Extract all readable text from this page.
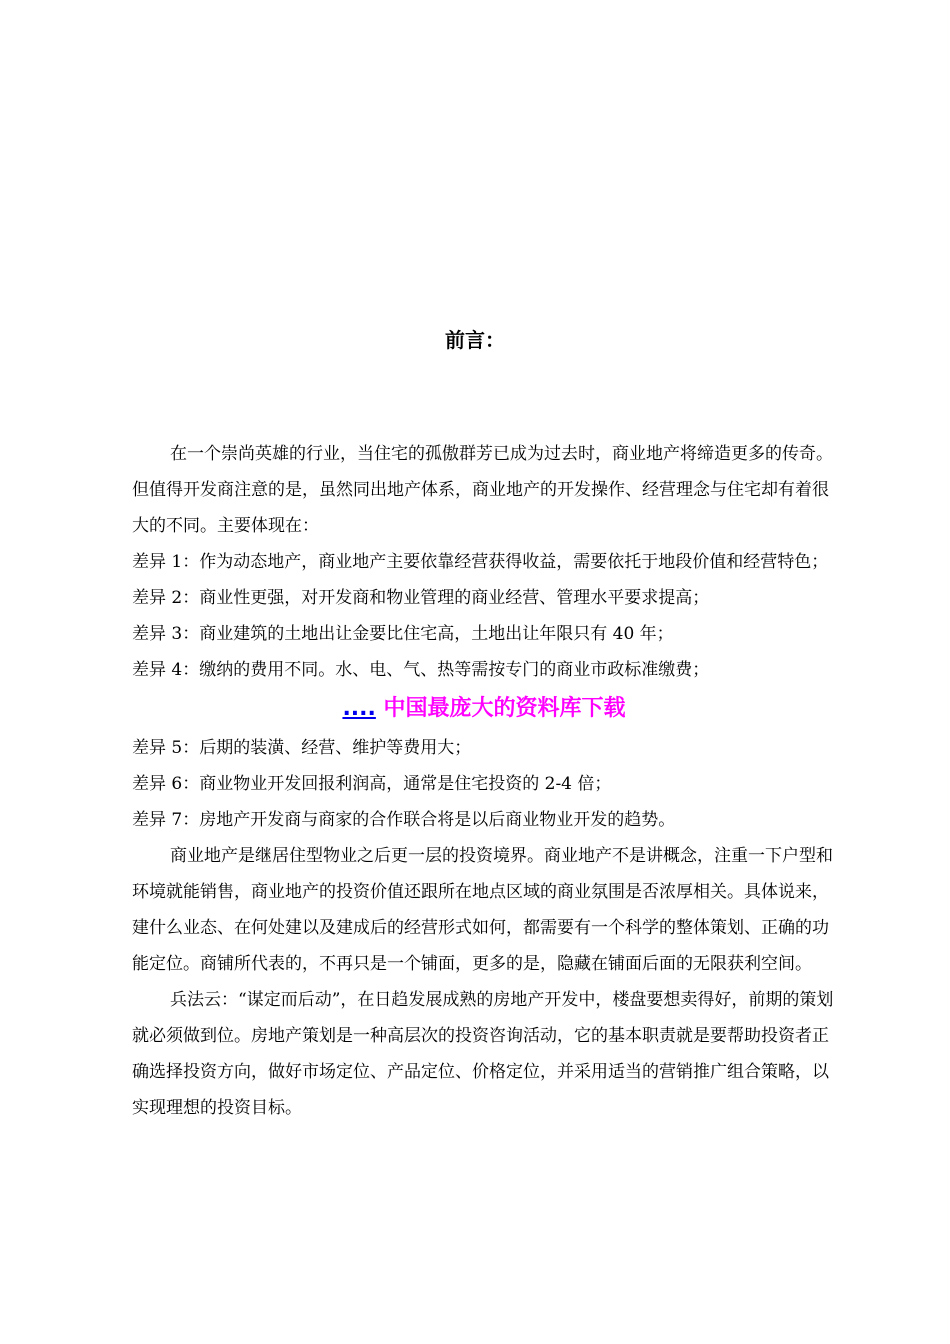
前言：

在一个崇尚英雄的行业，当住宅的孤傲群芳已成为过去时，商业地产将缔造更多的传奇。但值得开发商注意的是，虽然同出地产体系，商业地产的开发操作、经营理念与住宅却有着很大的不同。主要体现在：

差异 1：作为动态地产，商业地产主要依靠经营获得收益，需要依托于地段价值和经营特色；

差异 2：商业性更强，对开发商和物业管理的商业经营、管理水平要求提高；

差异 3：商业建筑的土地出让金要比住宅高，土地出让年限只有 40 年；

差异 4：缴纳的费用不同。水、电、气、热等需按专门的商业市政标准缴费；

.... 中国最庞大的资料库下载

差异 5：后期的装潢、经营、维护等费用大；

差异 6：商业物业开发回报利润高，通常是住宅投资的 2-4 倍；

差异 7：房地产开发商与商家的合作联合将是以后商业物业开发的趋势。

商业地产是继居住型物业之后更一层的投资境界。商业地产不是讲概念，注重一下户型和环境就能销售，商业地产的投资价值还跟所在地点区域的商业氛围是否浓厚相关。具体说来，建什么业态、在何处建以及建成后的经营形式如何，都需要有一个科学的整体策划、正确的功能定位。商铺所代表的，不再只是一个铺面，更多的是，隐藏在铺面后面的无限获利空间。

兵法云：“谋定而后动”，在日趋发展成熟的房地产开发中，楼盘要想卖得好，前期的策划就必须做到位。房地产策划是一种高层次的投资咨询活动，它的基本职责就是要帮助投资者正确选择投资方向，做好市场定位、产品定位、价格定位，并采用适当的营销推广组合策略，以实现理想的投资目标。
